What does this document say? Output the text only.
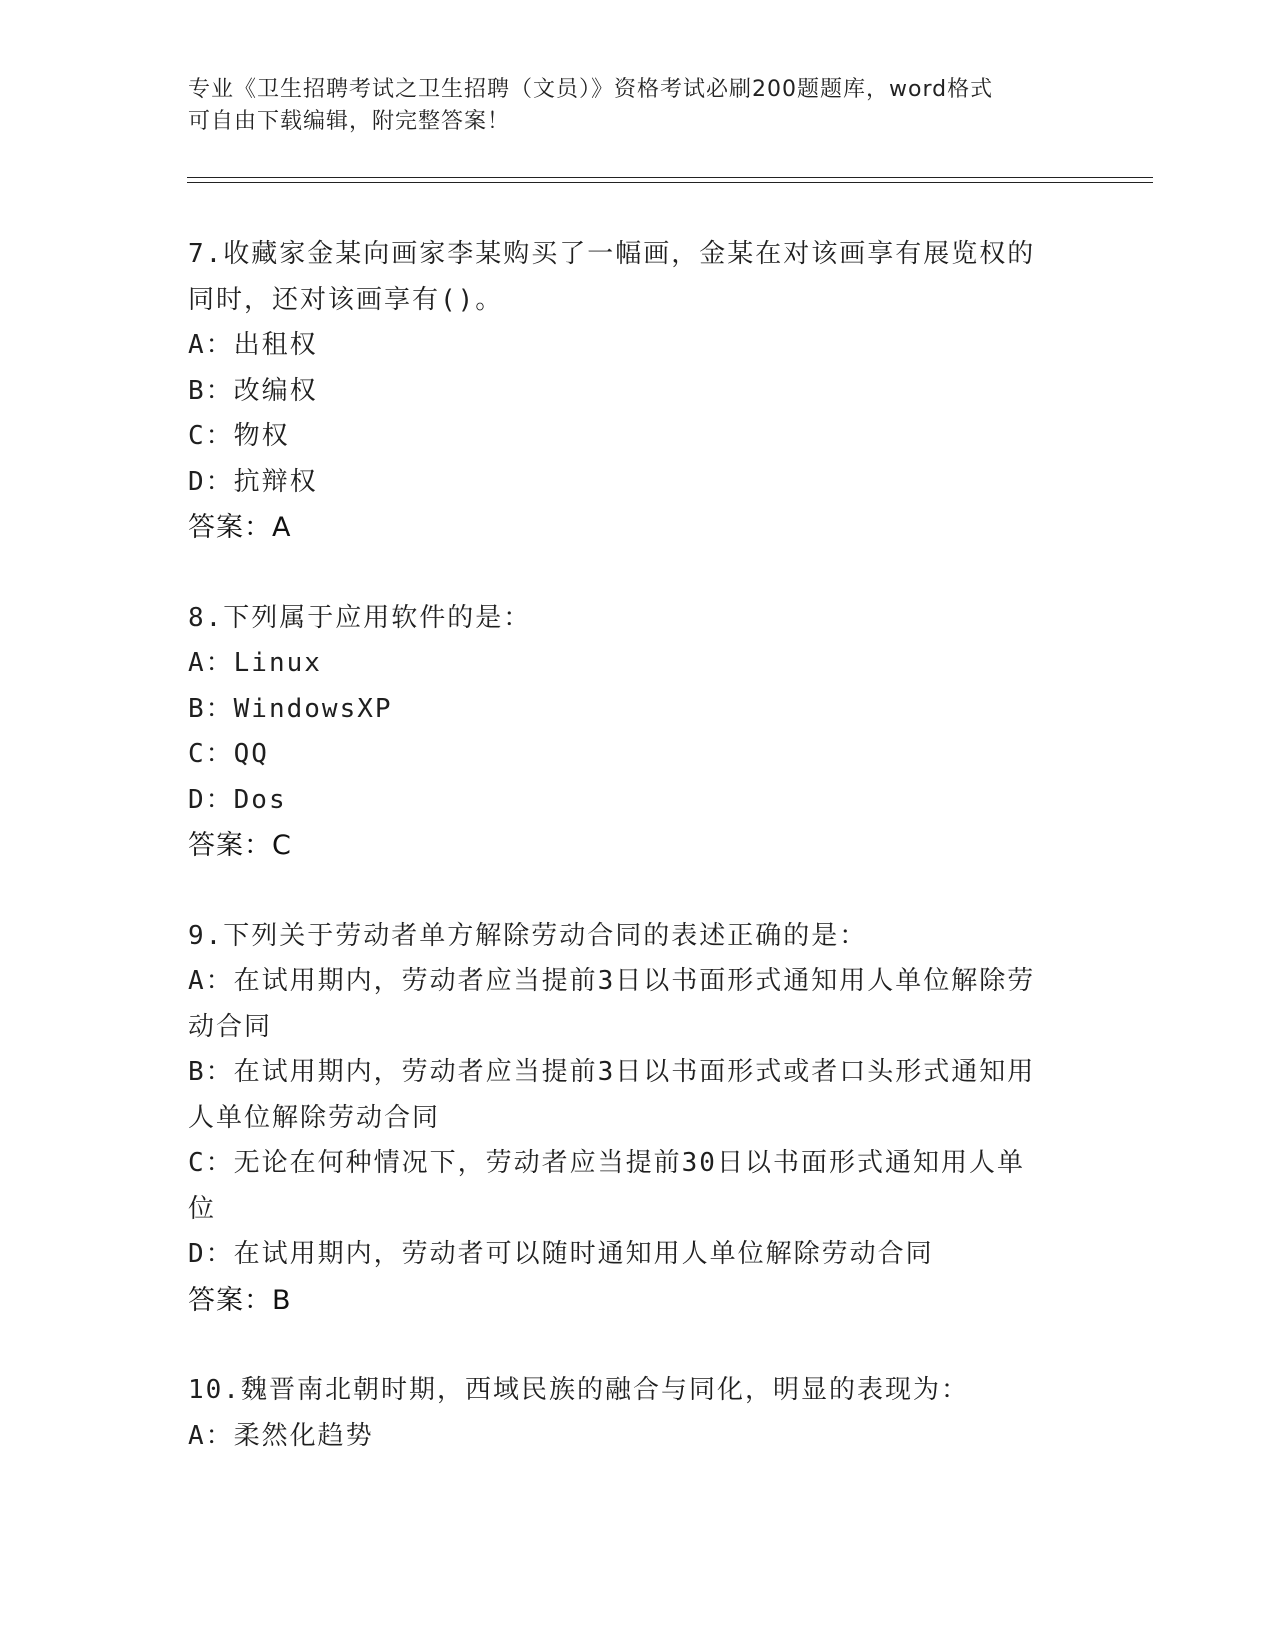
专业《卫生招聘考试之卫生招聘（文员）》资格考试必刷200题题库，word格式
可自由下载编辑，附完整答案！
7.收藏家金某向画家李某购买了一幅画，金某在对该画享有展览权的
同时，还对该画享有()。
A：出租权
B：改编权
C：物权
D：抗辩权
答案：A
8.下列属于应用软件的是：
A：Linux
B：WindowsXP
C：QQ
D：Dos
答案：C
9.下列关于劳动者单方解除劳动合同的表述正确的是：
A：在试用期内，劳动者应当提前3日以书面形式通知用人单位解除劳
动合同
B：在试用期内，劳动者应当提前3日以书面形式或者口头形式通知用
人单位解除劳动合同
C：无论在何种情况下，劳动者应当提前30日以书面形式通知用人单
位
D：在试用期内，劳动者可以随时通知用人单位解除劳动合同
答案：B
10.魏晋南北朝时期，西域民族的融合与同化，明显的表现为：
A：柔然化趋势
